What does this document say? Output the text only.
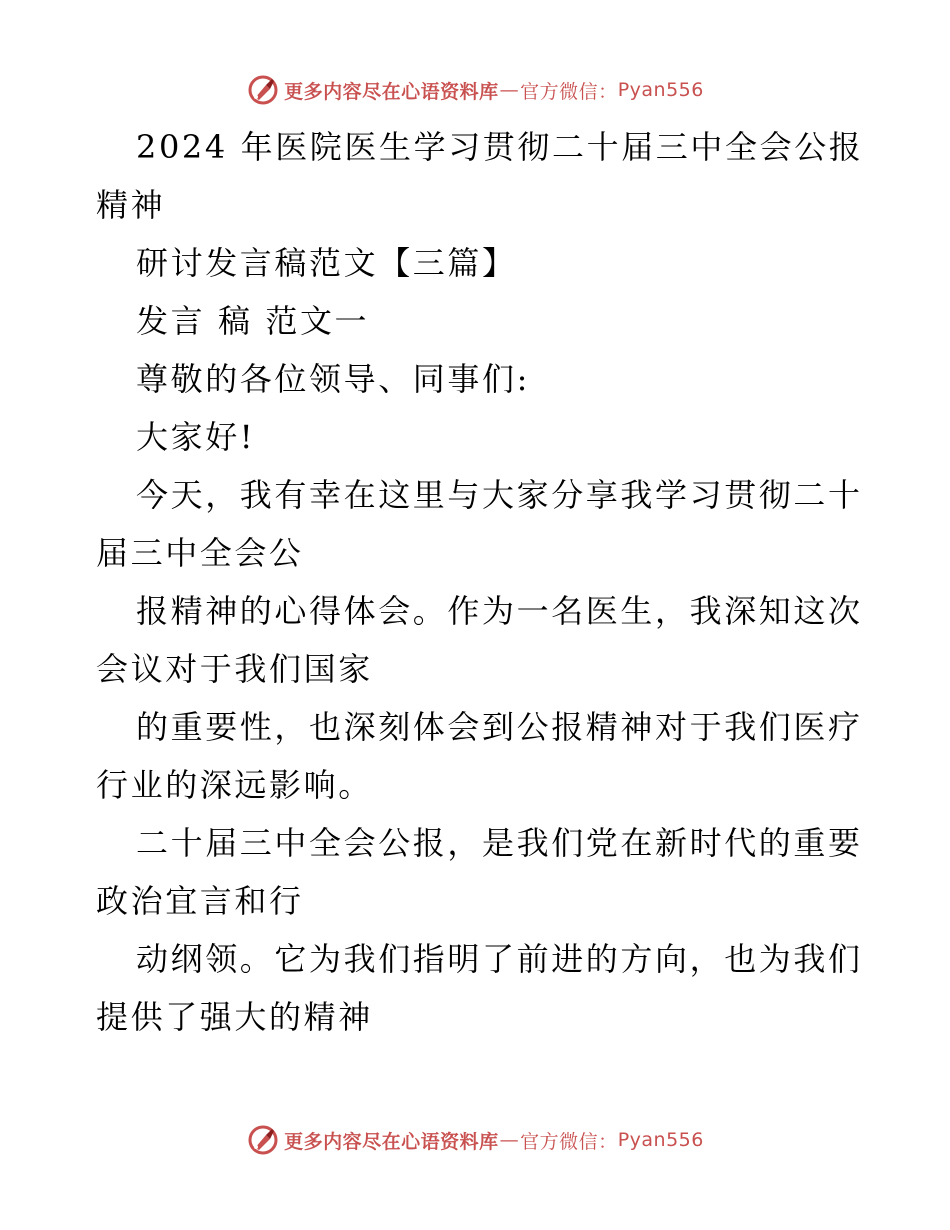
更多内容尽在心语资料库 — 官方微信： Pyan556
2024 年医院医生学习贯彻二十届三中全会公报
精神
研讨发言稿范文【三篇】
发言 稿 范文一
尊敬的各位领导、同事们:
大家好!
今天，我有幸在这里与大家分享我学习贯彻二十
届三中全会公
报精神的心得体会。作为一名医生，我深知这次
会议对于我们国家
的重要性，也深刻体会到公报精神对于我们医疗
行业的深远影响。
二十届三中全会公报，是我们党在新时代的重要
政治宜言和行
动纲领。它为我们指明了前进的方向，也为我们
提供了强大的精神
更多内容尽在心语资料库 — 官方微信： Pyan556
